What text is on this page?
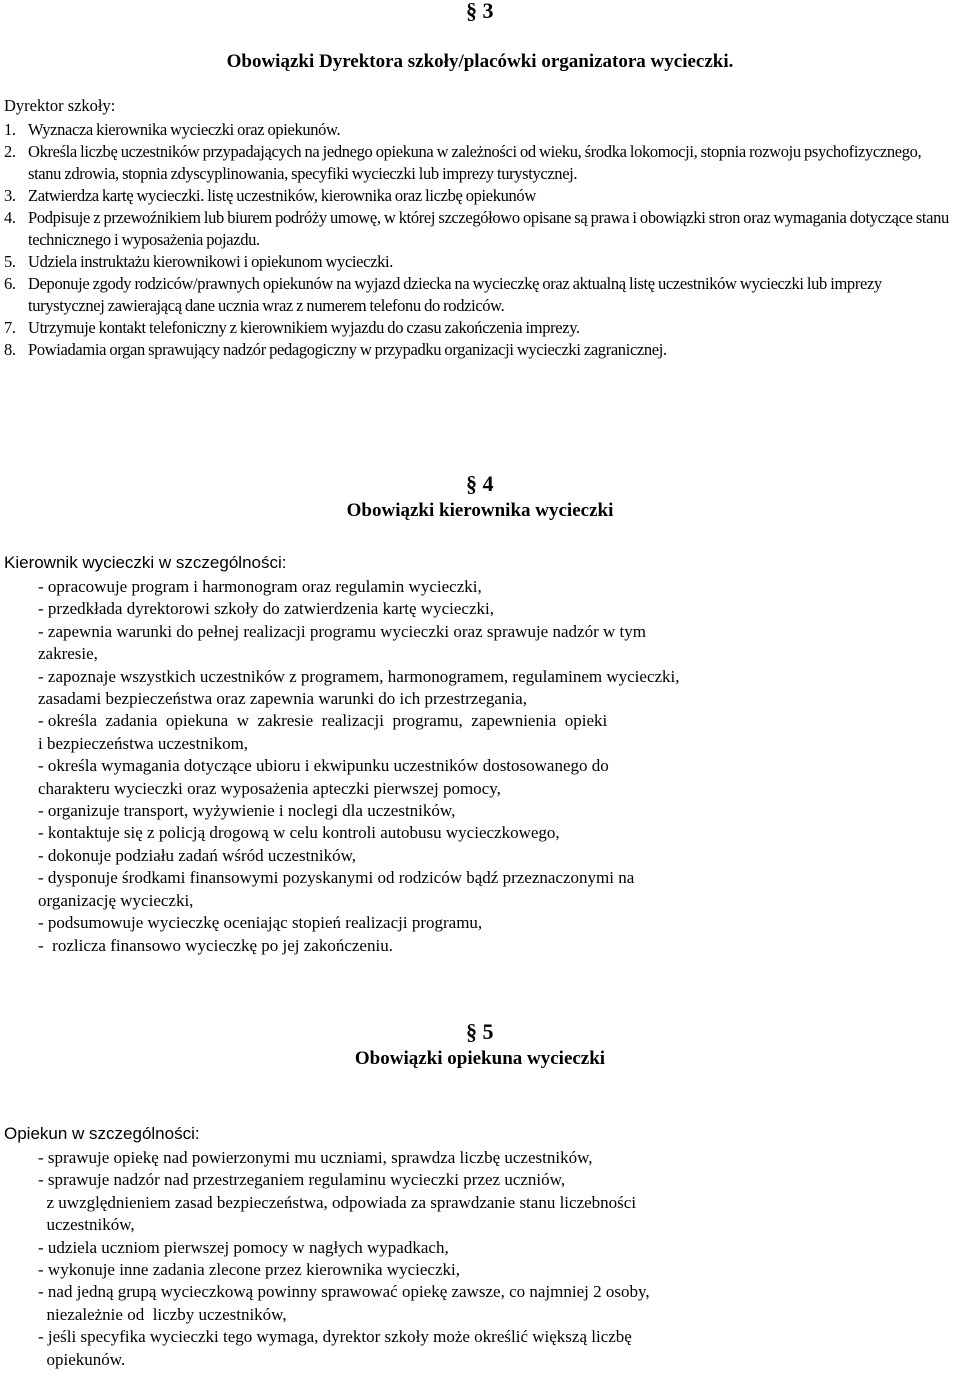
§ 3
Obowiązki Dyrektora szkoły/placówki organizatora wycieczki.
Dyrektor szkoły:
1. Wyznacza kierownika wycieczki oraz opiekunów.
2. Określa liczbę uczestników przypadających na jednego opiekuna w zależności od wieku, środka lokomocji, stopnia rozwoju psychofizycznego, stanu zdrowia, stopnia zdyscyplinowania, specyfiki wycieczki lub imprezy turystycznej.
3. Zatwierdza kartę wycieczki. listę uczestników, kierownika oraz liczbę opiekunów
4. Podpisuje z przewoźnikiem lub biurem podróży umowę, w której szczegółowo opisane są prawa i obowiązki stron oraz wymagania dotyczące stanu technicznego i wyposażenia pojazdu.
5. Udziela instruktażu kierownikowi i opiekunom wycieczki.
6. Deponuje zgody rodziców/prawnych opiekunów na wyjazd dziecka na wycieczkę oraz aktualną listę uczestników wycieczki lub imprezy turystycznej zawierającą dane ucznia wraz z numerem telefonu do rodziców.
7. Utrzymuje kontakt telefoniczny z kierownikiem wyjazdu do czasu zakończenia imprezy.
8. Powiadamia organ sprawujący nadzór pedagogiczny w przypadku organizacji wycieczki zagranicznej.
§ 4
Obowiązki kierownika wycieczki
Kierownik wycieczki w szczególności:
- opracowuje program i harmonogram oraz regulamin wycieczki,
- przedkłada dyrektorowi szkoły do zatwierdzenia kartę wycieczki,
- zapewnia warunki do pełnej realizacji programu wycieczki oraz sprawuje nadzór w tym
zakresie,
- zapoznaje wszystkich uczestników z programem, harmonogramem, regulaminem wycieczki,
zasadami bezpieczeństwa oraz zapewnia warunki do ich przestrzegania,
- określa  zadania  opiekuna  w  zakresie  realizacji  programu,  zapewnienia  opieki
i bezpieczeństwa uczestnikom,
- określa wymagania dotyczące ubioru i ekwipunku uczestników dostosowanego do
charakteru wycieczki oraz wyposażenia apteczki pierwszej pomocy,
- organizuje transport, wyżywienie i noclegi dla uczestników,
- kontaktuje się z policją drogową w celu kontroli autobusu wycieczkowego,
- dokonuje podziału zadań wśród uczestników,
- dysponuje środkami finansowymi pozyskanymi od rodziców bądź przeznaczonymi na
organizację wycieczki,
- podsumowuje wycieczkę oceniając stopień realizacji programu,
-  rozlicza finansowo wycieczkę po jej zakończeniu.
§ 5
Obowiązki opiekuna wycieczki
Opiekun w szczególności:
- sprawuje opiekę nad powierzonymi mu uczniami, sprawdza liczbę uczestników,
- sprawuje nadzór nad przestrzeganiem regulaminu wycieczki przez uczniów,
z uwzględnieniem zasad bezpieczeństwa, odpowiada za sprawdzanie stanu liczebności
uczestników,
- udziela uczniom pierwszej pomocy w nagłych wypadkach,
- wykonuje inne zadania zlecone przez kierownika wycieczki,
- nad jedną grupą wycieczkową powinny sprawować opiekę zawsze, co najmniej 2 osoby,
niezależnie od  liczby uczestników,
- jeśli specyfika wycieczki tego wymaga, dyrektor szkoły może określić większą liczbę
opiekunów.
